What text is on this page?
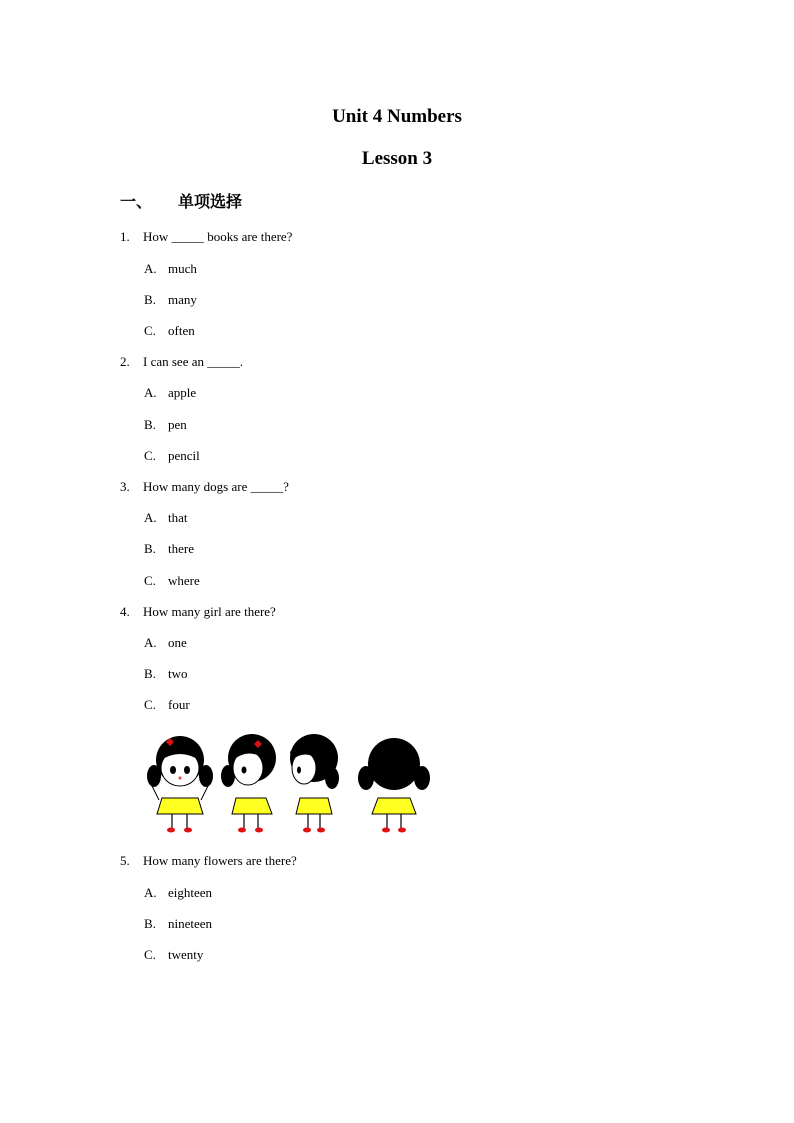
Unit 4 Numbers
Lesson 3
一、 单项选择
1. How _____ books are there?
A. much
B. many
C. often
2. I can see an _____.
A. apple
B. pen
C. pencil
3. How many dogs are _____?
A. that
B. there
C. where
4. How many girl are there?
A. one
B. two
C. four
5. How many flowers are there?
A. eighteen
B. nineteen
C. twenty
